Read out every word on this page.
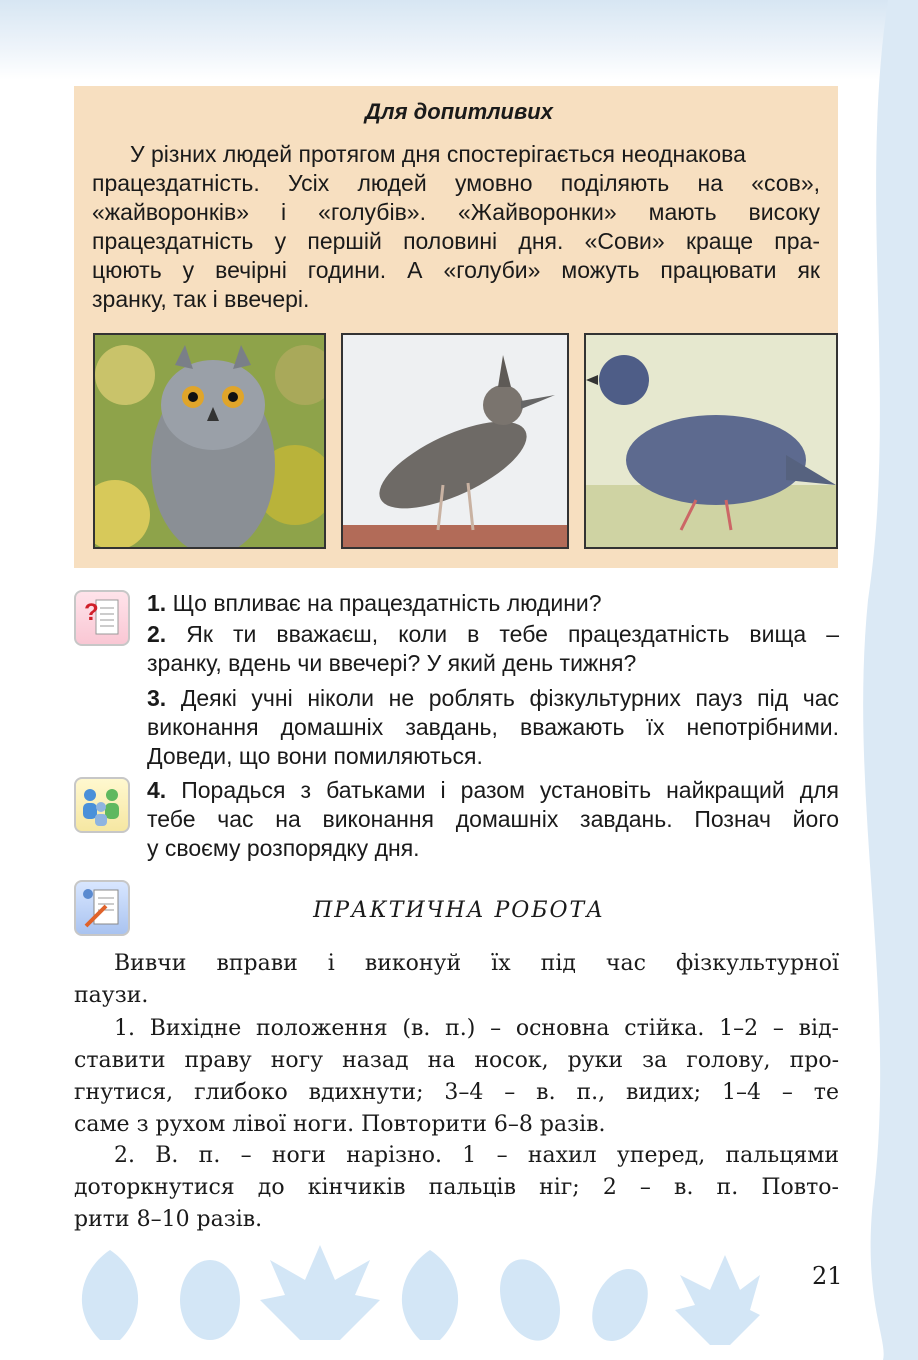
Для допитливих
У різних людей протягом дня спостерігається неоднакова
працездатність. Усіх людей умовно поділяють на «сов»,
«жайворонків» і «голубів». «Жайворонки» мають високу
працездатність у першій половині дня. «Сови» краще пра-
цюють у вечірні години. А «голуби» можуть працювати як
зранку, так і ввечері.
? 1. Що впливає на працездатність людини?
2. Як ти вважаєш, коли в тебе працездатність вища –
зранку, вдень чи ввечері? У який день тижня?
3. Деякі учні ніколи не роблять фізкультурних пауз під час
виконання домашніх завдань, вважають їх непотрібними.
Доведи, що вони помиляються.
4. Порадься з батьками і разом установіть найкращий для
тебе час на виконання домашніх завдань. Познач його
у своєму розпорядку дня.
ПРАКТИЧНА РОБОТА
Вивчи вправи і виконуй їх під час фізкультурної
паузи.
1. Вихідне положення (в. п.) – основна стійка. 1–2 – від-
ставити праву ногу назад на носок, руки за голову, про-
гнутися, глибоко вдихнути; 3–4 – в. п., видих; 1–4 – те
саме з рухом лівої ноги. Повторити 6–8 разів.
2. В. п. – ноги нарізно. 1 – нахил уперед, пальцями
доторкнутися до кінчиків пальців ніг; 2 – в. п. Повто-
рити 8–10 разів.
21
